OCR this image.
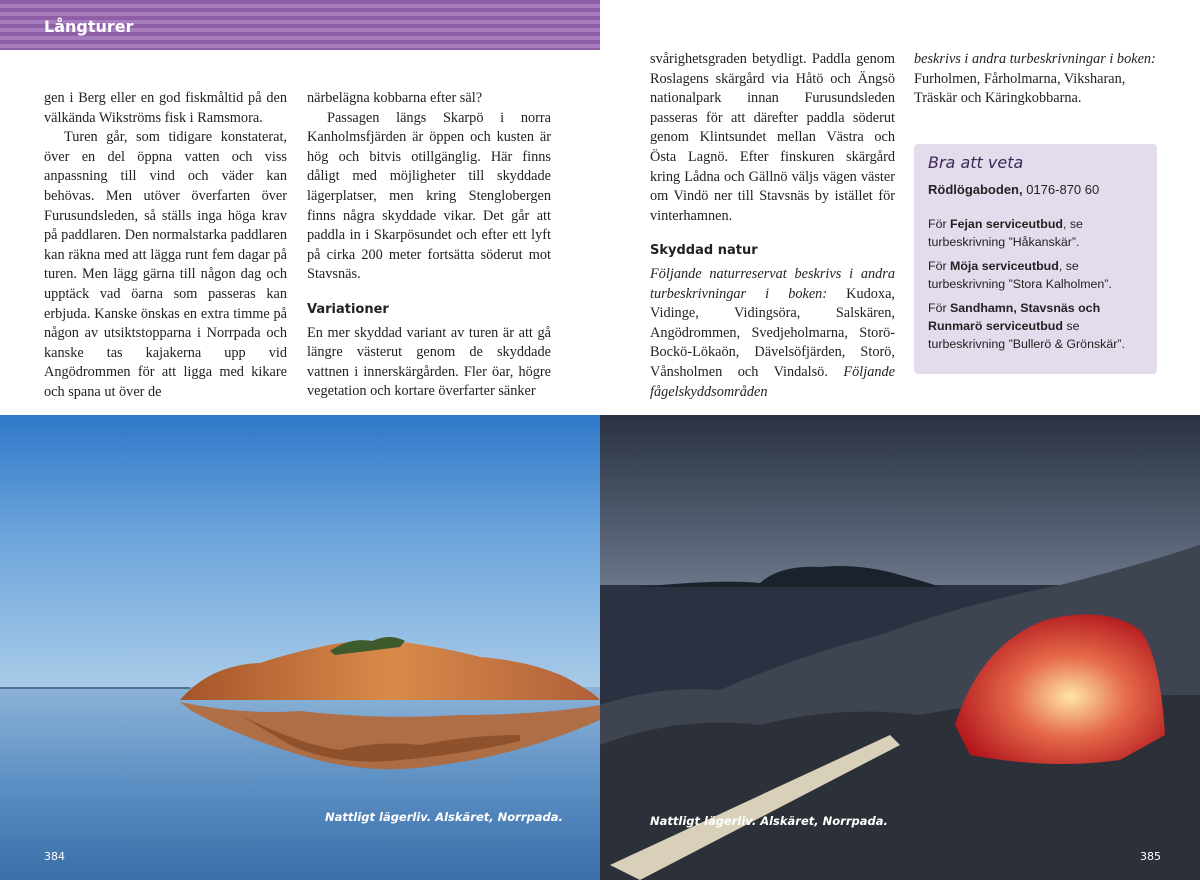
Långturer

gen i Berg eller en god fiskmåltid på den välkända Wikströms fisk i Ramsmora.

Turen går, som tidigare konstaterat, över en del öppna vatten och viss anpassning till vind och väder kan behövas. Men utöver överfarten över Furusundsleden, så ställs inga höga krav på paddlaren. Den normalstarka paddlaren kan räkna med att lägga runt fem dagar på turen. Men lägg gärna till någon dag och upptäck vad öarna som passeras kan erbjuda. Kanske önskas en extra timme på någon av utsiktstopparna i Norrpada och kanske tas kajakerna upp vid Angödrommen för att ligga med kikare och spana ut över de

närbelägna kobbarna efter säl?

Passagen längs Skarpö i norra Kanholmsfjärden är öppen och kusten är hög och bitvis otillgänglig. Här finns dåligt med möjligheter till skyddade lägerplatser, men kring Stenglobergen finns några skyddade vikar. Det går att paddla in i Skarpösundet och efter ett lyft på cirka 200 meter fortsätta söderut mot Stavsnäs.

Variationer

En mer skyddad variant av turen är att gå längre västerut genom de skyddade vattnen i innerskärgården. Fler öar, högre vegetation och kortare överfarter sänker

svårighetsgraden betydligt. Paddla genom Roslagens skärgård via Håtö och Ängsö nationalpark innan Furusundsleden passeras för att därefter paddla söderut genom Klintsundet mellan Västra och Östa Lagnö. Efter finskuren skärgård kring Lådna och Gällnö väljs vägen väster om Vindö ner till Stavsnäs by istället för vinterhamnen.

Skyddad natur

Följande naturreservat beskrivs i andra turbeskrivningar i boken: Kudoxa, Vidinge, Vidingsöra, Salskären, Angödrommen, Svedjeholmarna, Storö-Bockö-Lökaön, Dävelsöfjärden, Storö, Vånsholmen och Vindalsö. Följande fågelskyddsområden

beskrivs i andra turbeskrivningar i boken: Furholmen, Fårholmarna, Viksharan, Träskär och Käringkobbarna.

Bra att veta
Rödlögaboden, 0176-870 60

För Fejan serviceutbud, se turbeskrivning ”Håkanskär”.

För Möja serviceutbud, se turbeskrivning ”Stora Kalholmen”.

För Sandhamn, Stavsnäs och Runmarö serviceutbud se turbeskrivning ”Bullerö & Grönskär”.

Nattligt lägerliv. Alskäret, Norrpada.	Nattligt lägerliv. Alskäret, Norrpada.
384	385
